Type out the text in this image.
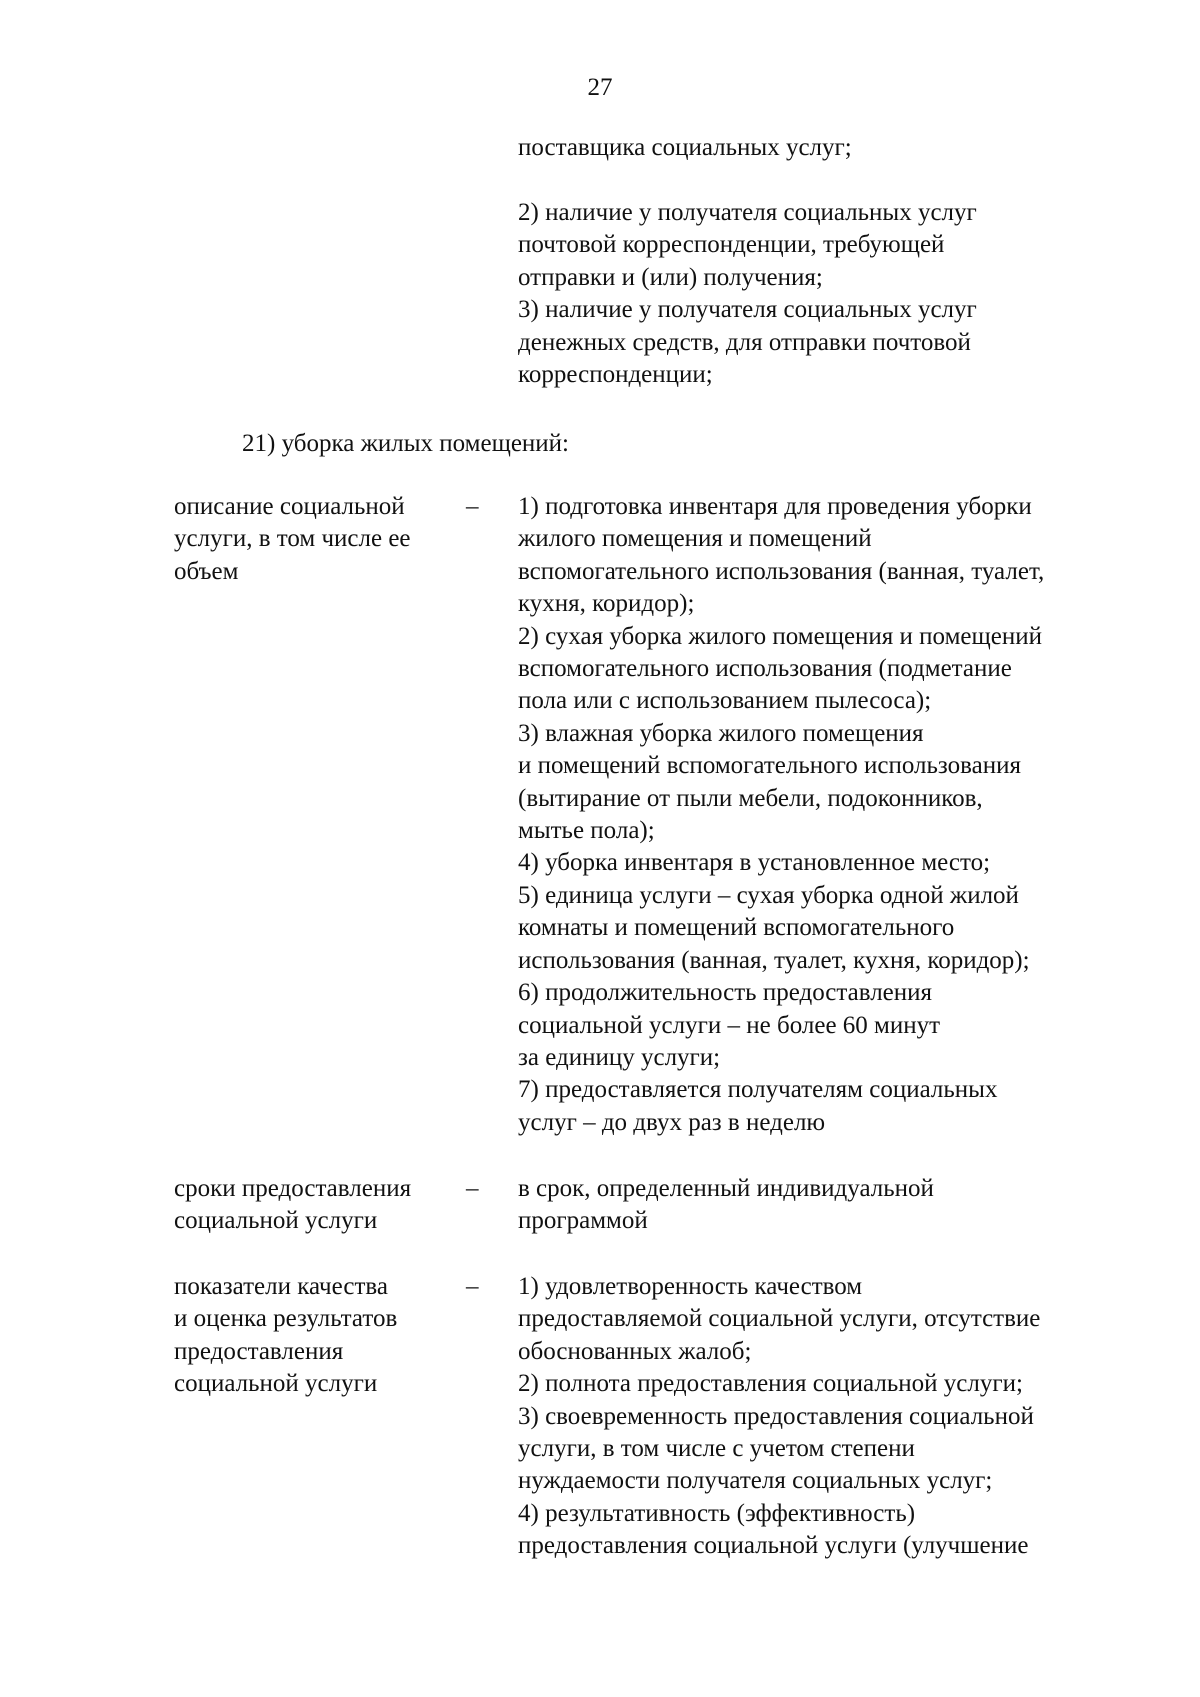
27
поставщика социальных услуг;
2) наличие у получателя социальных услуг
почтовой корреспонденции, требующей
отправки и (или) получения;
3) наличие у получателя социальных услуг
денежных средств, для отправки почтовой
корреспонденции;
21) уборка жилых помещений:
описание социальной
услуги, в том числе ее
объем
– 1) подготовка инвентаря для проведения уборки
жилого помещения и помещений
вспомогательного использования (ванная, туалет,
кухня, коридор);
2) сухая уборка жилого помещения и помещений
вспомогательного использования (подметание
пола или с использованием пылесоса);
3) влажная уборка жилого помещения
и помещений вспомогательного использования
(вытирание от пыли мебели, подоконников,
мытье пола);
4) уборка инвентаря в установленное место;
5) единица услуги – сухая уборка одной жилой
комнаты и помещений вспомогательного
использования (ванная, туалет, кухня, коридор);
6) продолжительность предоставления
социальной услуги – не более 60 минут
за единицу услуги;
7) предоставляется получателям социальных
услуг – до двух раз в неделю
сроки предоставления
социальной услуги
– в срок, определенный индивидуальной
программой
показатели качества
и оценка результатов
предоставления
социальной услуги
– 1) удовлетворенность качеством
предоставляемой социальной услуги, отсутствие
обоснованных жалоб;
2) полнота предоставления социальной услуги;
3) своевременность предоставления социальной
услуги, в том числе с учетом степени
нуждаемости получателя социальных услуг;
4) результативность (эффективность)
предоставления социальной услуги (улучшение
